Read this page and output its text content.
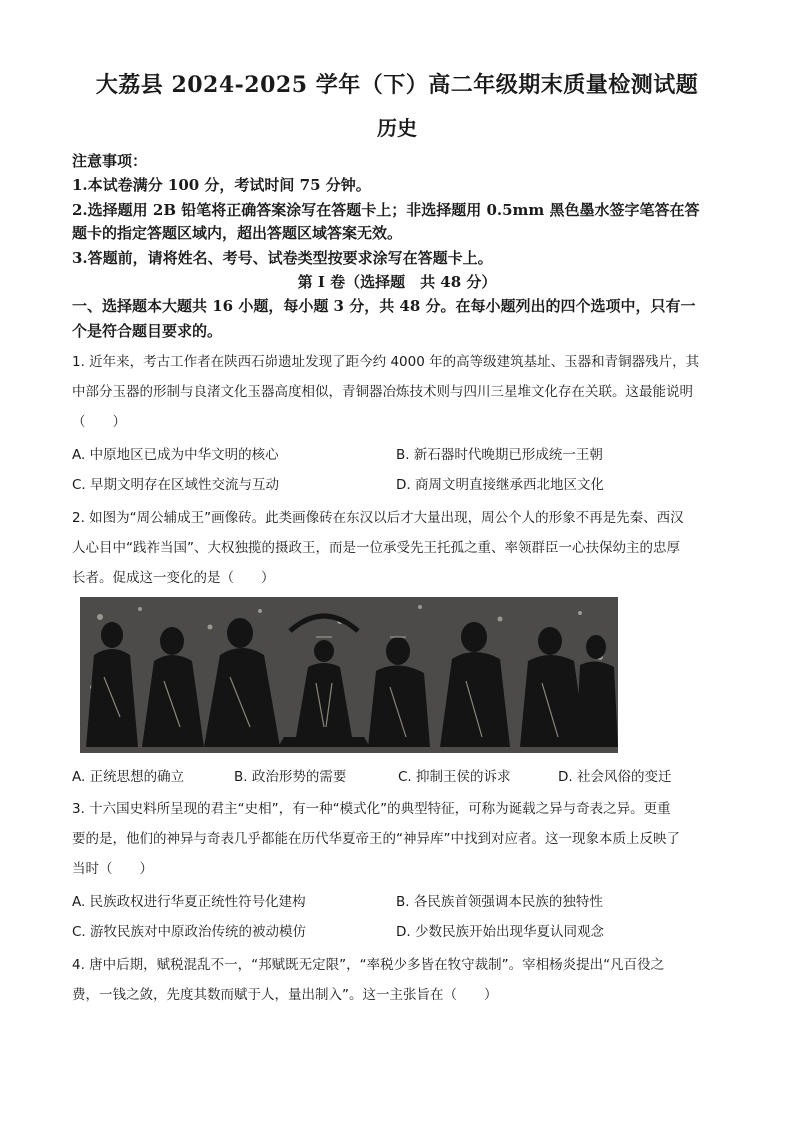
大荔县 2024-2025 学年（下）高二年级期末质量检测试题
历史
注意事项：
1.本试卷满分 100 分，考试时间 75 分钟。
2.选择题用 2B 铅笔将正确答案涂写在答题卡上；非选择题用 0.5mm 黑色墨水签字笔答在答
题卡的指定答题区域内，超出答题区域答案无效。
3.答题前，请将姓名、考号、试卷类型按要求涂写在答题卡上。
第 I 卷（选择题　共 48 分）
一、选择题本大题共 16 小题，每小题 3 分，共 48 分。在每小题列出的四个选项中，只有一
个是符合题目要求的。
1. 近年来，考古工作者在陕西石峁遗址发现了距今约 4000 年的高等级建筑基址、玉器和青铜器残片，其
中部分玉器的形制与良渚文化玉器高度相似，青铜器冶炼技术则与四川三星堆文化存在关联。这最能说明
（　　）
A. 中原地区已成为中华文明的核心	B. 新石器时代晚期已形成统一王朝
C. 早期文明存在区域性交流与互动	D. 商周文明直接继承西北地区文化
2. 如图为“周公辅成王”画像砖。此类画像砖在东汉以后才大量出现，周公个人的形象不再是先秦、西汉
人心目中“践祚当国”、大权独揽的摄政王，而是一位承受先王托孤之重、率领群臣一心扶保幼主的忠厚
长者。促成这一变化的是（　　）
A. 正统思想的确立	B. 政治形势的需要	C. 抑制王侯的诉求	D. 社会风俗的变迁
3. 十六国史料所呈现的君主“史相”，有一种“模式化”的典型特征，可称为诞载之异与奇表之异。更重
要的是，他们的神异与奇表几乎都能在历代华夏帝王的“神异库”中找到对应者。这一现象本质上反映了
当时（　　）
A. 民族政权进行华夏正统性符号化建构	B. 各民族首领强调本民族的独特性
C. 游牧民族对中原政治传统的被动模仿	D. 少数民族开始出现华夏认同观念
4. 唐中后期，赋税混乱不一，“邦赋既无定限”，“率税少多皆在牧守裁制”。宰相杨炎提出“凡百役之
费，一钱之敛，先度其数而赋于人，量出制入”。这一主张旨在（　　）
